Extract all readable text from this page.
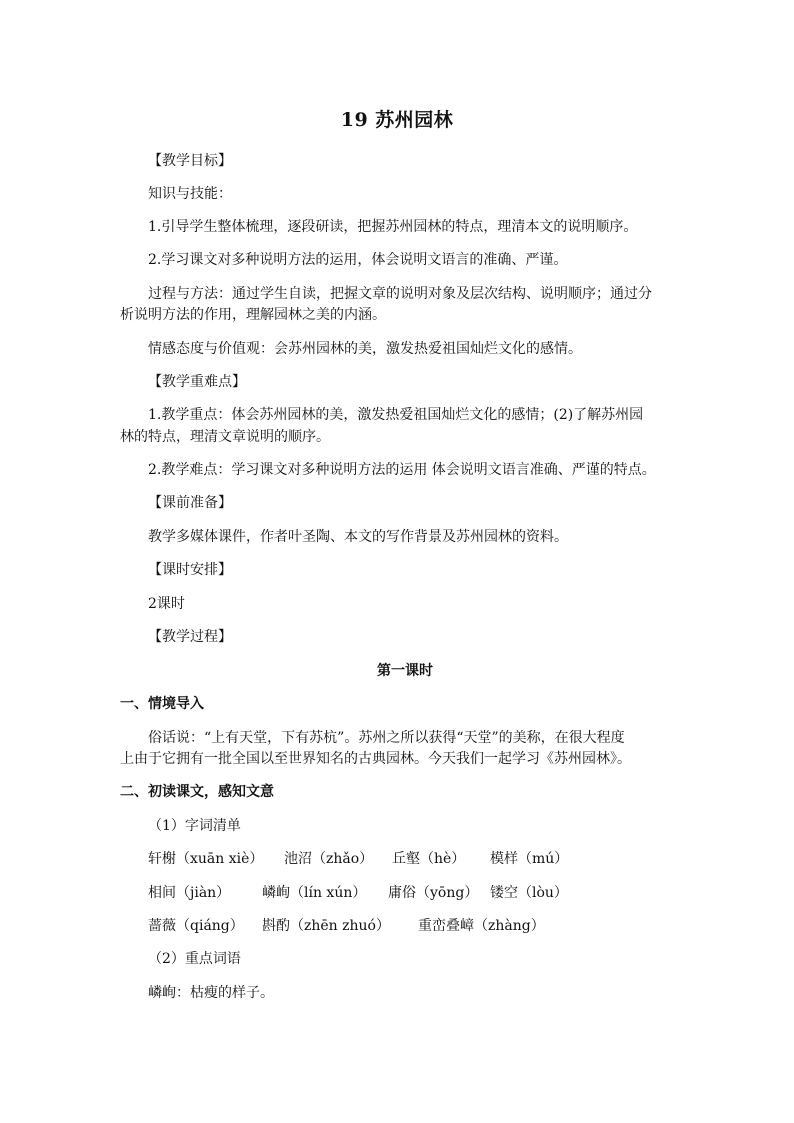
19 苏州园林
【教学目标】
知识与技能：
1.引导学生整体梳理，逐段研读，把握苏州园林的特点，理清本文的说明顺序。
2.学习课文对多种说明方法的运用，体会说明文语言的准确、严谨。
过程与方法：通过学生自读，把握文章的说明对象及层次结构、说明顺序；通过分
析说明方法的作用，理解园林之美的内涵。
情感态度与价值观：会苏州园林的美，激发热爱祖国灿烂文化的感情。
【教学重难点】
1.教学重点：体会苏州园林的美，激发热爱祖国灿烂文化的感情；(2)了解苏州园
林的特点，理清文章说明的顺序。
2.教学难点：学习课文对多种说明方法的运用 体会说明文语言准确、严谨的特点。
【课前准备】
教学多媒体课件，作者叶圣陶、本文的写作背景及苏州园林的资料。
【课时安排】
2课时
【教学过程】
第一课时
一、情境导入
俗话说：“上有天堂，下有苏杭”。苏州之所以获得“天堂”的美称，在很大程度
上由于它拥有一批全国以至世界知名的古典园林。今天我们一起学习《苏州园林》。
二、初读课文，感知文意
（1）字词清单
轩榭（xuān xiè） 池沼（zhǎo） 丘壑（hè） 模样（mú）
相间（jiàn） 嶙峋（lín xún） 庸俗（yōng） 镂空（lòu）
蔷薇（qiáng） 斟酌（zhēn zhuó） 重峦叠嶂（zhàng）
（2）重点词语
嶙峋：枯瘦的样子。
